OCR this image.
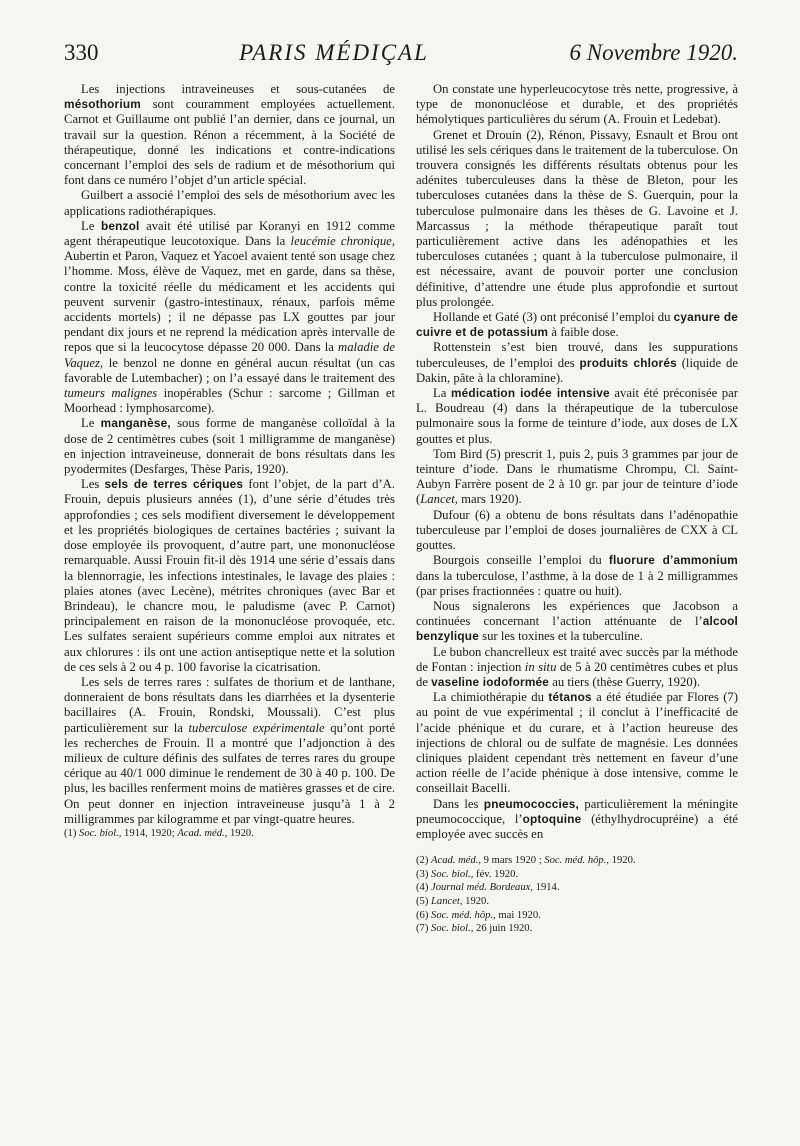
330	PARIS MÉDIÇAL	6 Novembre 1920.

Les injections intraveineuses et sous-cutanées de mésothorium sont couramment employées actuellement. Carnot et Guillaume ont publié l’an dernier, dans ce journal, un travail sur la question. Rénon a récemment, à la Société de thérapeutique, donné les indications et contre-indications concernant l’emploi des sels de radium et de mésothorium qui font dans ce numéro l’objet d’un article spécial.

Guilbert a associé l’emploi des sels de mésothorium avec les applications radiothérapiques.

Le benzol avait été utilisé par Koranyi en 1912 comme agent thérapeutique leucotoxique. Dans la leucémie chronique, Aubertin et Paron, Vaquez et Yacoel avaient tenté son usage chez l’homme. Moss, élève de Vaquez, met en garde, dans sa thèse, contre la toxicité réelle du médicament et les accidents qui peuvent survenir (gastro-intestinaux, rénaux, parfois même accidents mortels) ; il ne dépasse pas LX gouttes par jour pendant dix jours et ne reprend la médication après intervalle de repos que si la leucocytose dépasse 20 000. Dans la maladie de Vaquez, le benzol ne donne en général aucun résultat (un cas favorable de Lutembacher) ; on l’a essayé dans le traitement des tumeurs malignes inopérables (Schur : sarcome ; Gillman et Moorhead : lymphosarcome).

Le manganèse, sous forme de manganèse colloïdal à la dose de 2 centimètres cubes (soit 1 milligramme de manganèse) en injection intraveineuse, donnerait de bons résultats dans les pyodermites (Desfarges, Thèse Paris, 1920).

Les sels de terres cériques font l’objet, de la part d’A. Frouin, depuis plusieurs années (1), d’une série d’études très approfondies ; ces sels modifient diversement le développement et les propriétés biologiques de certaines bactéries ; suivant la dose employée ils provoquent, d’autre part, une mononucléose remarquable. Aussi Frouin fit-il dès 1914 une série d’essais dans la blennorragie, les infections intestinales, le lavage des plaies : plaies atones (avec Lecène), métrites chroniques (avec Bar et Brindeau), le chancre mou, le paludisme (avec P. Carnot) principalement en raison de la mononucléose provoquée, etc. Les sulfates seraient supérieurs comme emploi aux nitrates et aux chlorures : ils ont une action antiseptique nette et la solution de ces sels à 2 ou 4 p. 100 favorise la cicatrisation.

Les sels de terres rares : sulfates de thorium et de lanthane, donneraient de bons résultats dans les diarrhées et la dysenterie bacillaires (A. Frouin, Rondski, Moussali). C’est plus particulièrement sur la tuberculose expérimentale qu’ont porté les recherches de Frouin. Il a montré que l’adjonction à des milieux de culture définis des sulfates de terres rares du groupe cérique au 40/1 000 diminue le rendement de 30 à 40 p. 100. De plus, les bacilles renferment moins de matières grasses et de cire. On peut donner en injection intraveineuse jusqu’à 1 à 2 milligrammes par kilogramme et par vingt-quatre heures.

(1) Soc. biol., 1914, 1920; Acad. méd., 1920.

On constate une hyperleucocytose très nette, progressive, à type de mononucléose et durable, et des propriétés hémolytiques particulières du sérum (A. Frouin et Ledebat).

Grenet et Drouin (2), Rénon, Pissavy, Esnault et Brou ont utilisé les sels cériques dans le traitement de la tuberculose. On trouvera consignés les différents résultats obtenus pour les adénites tuberculeuses dans la thèse de Bleton, pour les tuberculoses cutanées dans la thèse de S. Guerquin, pour la tuberculose pulmonaire dans les thèses de G. Lavoine et J. Marcassus ; la méthode thérapeutique paraît tout particulièrement active dans les adénopathies et les tuberculoses cutanées ; quant à la tuberculose pulmonaire, il est nécessaire, avant de pouvoir porter une conclusion définitive, d’attendre une étude plus approfondie et surtout plus prolongée.

Hollande et Gaté (3) ont préconisé l’emploi du cyanure de cuivre et de potassium à faible dose.

Rottenstein s’est bien trouvé, dans les suppurations tuberculeuses, de l’emploi des produits chlorés (liquide de Dakin, pâte à la chloramine).

La médication iodée intensive avait été préconisée par L. Boudreau (4) dans la thérapeutique de la tuberculose pulmonaire sous la forme de teinture d’iode, aux doses de LX gouttes et plus.

Tom Bird (5) prescrit 1, puis 2, puis 3 grammes par jour de teinture d’iode. Dans le rhumatisme Chrompu, Cl. Saint-Aubyn Farrère posent de 2 à 10 gr. par jour de teinture d’iode (Lancet, mars 1920).

Dufour (6) a obtenu de bons résultats dans l’adénopathie tuberculeuse par l’emploi de doses journalières de CXX à CL gouttes.

Bourgois conseille l’emploi du fluorure d’ammonium dans la tuberculose, l’asthme, à la dose de 1 à 2 milligrammes (par prises fractionnées : quatre ou huit).

Nous signalerons les expériences que Jacobson a continuées concernant l’action atténuante de l’alcool benzylique sur les toxines et la tuberculine.

Le bubon chancrelleux est traité avec succès par la méthode de Fontan : injection in situ de 5 à 20 centimètres cubes et plus de vaseline iodoformée au tiers (thèse Guerry, 1920).

La chimiothérapie du tétanos a été étudiée par Flores (7) au point de vue expérimental ; il conclut à l’inefficacité de l’acide phénique et du curare, et à l’action heureuse des injections de chloral ou de sulfate de magnésie. Les données cliniques plaident cependant très nettement en faveur d’une action réelle de l’acide phénique à dose intensive, comme le conseillait Bacelli.

Dans les pneumococcies, particulièrement la méningite pneumococcique, l’optoquine (éthylhydrocupréine) a été employée avec succès en

(2) Acad. méd., 9 mars 1920 ; Soc. méd. hôp., 1920.
(3) Soc. biol., fév. 1920.
(4) Journal méd. Bordeaux, 1914.
(5) Lancet, 1920.
(6) Soc. méd. hôp., mai 1920.
(7) Soc. biol., 26 juin 1920.
